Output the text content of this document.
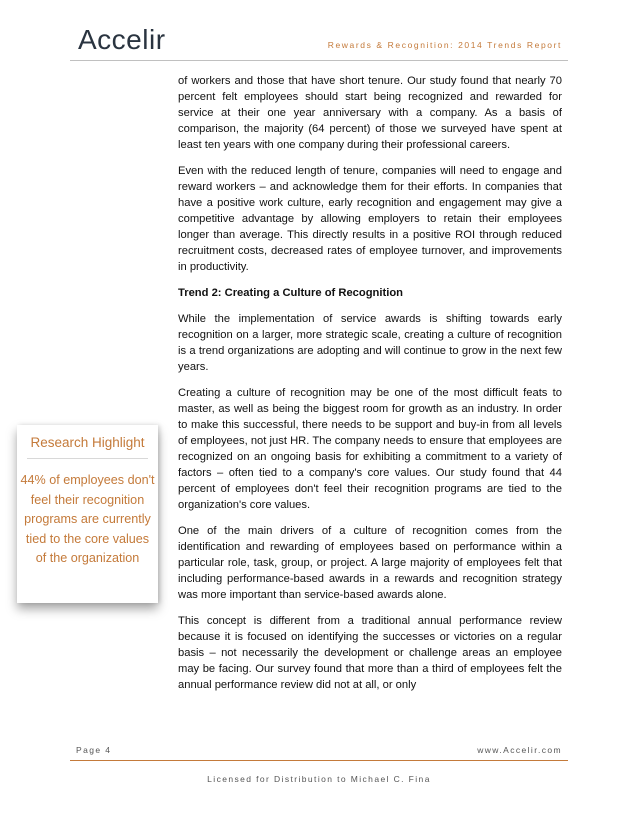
Accelir	Rewards & Recognition: 2014 Trends Report

of workers and those that have short tenure. Our study found that nearly 70 percent felt employees should start being recognized and rewarded for service at their one year anniversary with a company. As a basis of comparison, the majority (64 percent) of those we surveyed have spent at least ten years with one company during their professional careers.

Even with the reduced length of tenure, companies will need to engage and reward workers – and acknowledge them for their efforts. In companies that have a positive work culture, early recognition and engagement may give a competitive advantage by allowing employers to retain their employees longer than average. This directly results in a positive ROI through reduced recruitment costs, decreased rates of employee turnover, and improvements in productivity.

Trend 2: Creating a Culture of Recognition

While the implementation of service awards is shifting towards early recognition on a larger, more strategic scale, creating a culture of recognition is a trend organizations are adopting and will continue to grow in the next few years.

Creating a culture of recognition may be one of the most difficult feats to master, as well as being the biggest room for growth as an industry. In order to make this successful, there needs to be support and buy-in from all levels of employees, not just HR. The company needs to ensure that employees are recognized on an ongoing basis for exhibiting a commitment to a variety of factors – often tied to a company's core values. Our study found that 44 percent of employees don't feel their recognition programs are tied to the organization's core values.

One of the main drivers of a culture of recognition comes from the identification and rewarding of employees based on performance within a particular role, task, group, or project. A large majority of employees felt that including performance-based awards in a rewards and recognition strategy was more important than service-based awards alone.

This concept is different from a traditional annual performance review because it is focused on identifying the successes or victories on a regular basis – not necessarily the development or challenge areas an employee may be facing. Our survey found that more than a third of employees felt the annual performance review did not at all, or only

Research Highlight
44% of employees don't feel their recognition programs are currently tied to the core values of the organization
Page 4	www.Accelir.com
Licensed for Distribution to Michael C. Fina
